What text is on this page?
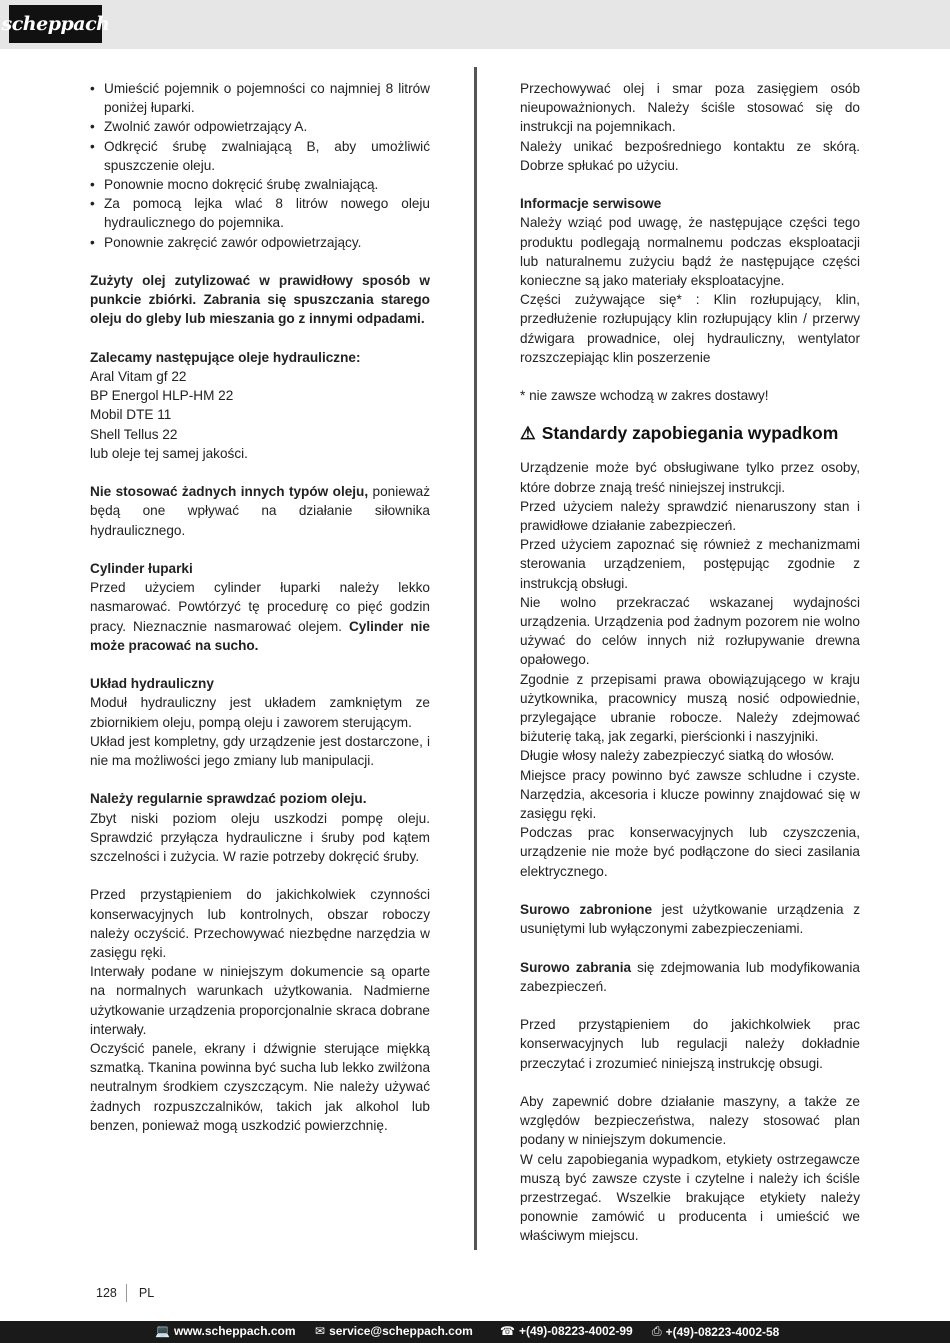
scheppach
• Umieścić pojemnik o pojemności co najmniej 8 litrów poniżej łuparki.
• Zwolnić zawór odpowietrzający A.
• Odkręcić śrubę zwalniającą B, aby umożliwić spuszczenie oleju.
• Ponownie mocno dokręcić śrubę zwalniającą.
• Za pomocą lejka wlać 8 litrów nowego oleju hydraulicznego do pojemnika.
• Ponownie zakręcić zawór odpowietrzający.

Zużyty olej zutylizować w prawidłowy sposób w punkcie zbiórki. Zabrania się spuszczania starego oleju do gleby lub mieszania go z innymi odpadami.

Zalecamy następujące oleje hydrauliczne:

Aral Vitam gf 22

BP Energol HLP-HM 22

Mobil DTE 11

Shell Tellus 22

lub oleje tej samej jakości.

Nie stosować żadnych innych typów oleju, ponieważ będą one wpływać na działanie siłownika hydraulicznego.

Cylinder łuparki

Przed użyciem cylinder łuparki należy lekko nasmarować. Powtórzyć tę procedurę co pięć godzin pracy. Nieznacznie nasmarować olejem. Cylinder nie może pracować na sucho.

Układ hydrauliczny

Moduł hydrauliczny jest układem zamkniętym ze zbiornikiem oleju, pompą oleju i zaworem sterującym.

Układ jest kompletny, gdy urządzenie jest dostarczone, i nie ma możliwości jego zmiany lub manipulacji.

Należy regularnie sprawdzać poziom oleju.

Zbyt niski poziom oleju uszkodzi pompę oleju. Sprawdzić przyłącza hydrauliczne i śruby pod kątem szczelności i zużycia. W razie potrzeby dokręcić śruby.

Przed przystąpieniem do jakichkolwiek czynności konserwacyjnych lub kontrolnych, obszar roboczy należy oczyścić. Przechowywać niezbędne narzędzia w zasięgu ręki.

Interwały podane w niniejszym dokumencie są oparte na normalnych warunkach użytkowania. Nadmierne użytkowanie urządzenia proporcjonalnie skraca dobrane interwały.

Oczyścić panele, ekrany i dźwignie sterujące miękką szmatką. Tkanina powinna być sucha lub lekko zwilżona neutralnym środkiem czyszczącym. Nie należy używać żadnych rozpuszczalników, takich jak alkohol lub benzen, ponieważ mogą uszkodzić powierzchnię.

Przechowywać olej i smar poza zasięgiem osób nieupoważnionych. Należy ściśle stosować się do instrukcji na pojemnikach.

Należy unikać bezpośredniego kontaktu ze skórą. Dobrze spłukać po użyciu.

Informacje serwisowe

Należy wziąć pod uwagę, że następujące części tego produktu podlegają normalnemu podczas eksploatacji lub naturalnemu zużyciu bądź że następujące części konieczne są jako materiały eksploatacyjne.

Części zużywające się* : Klin rozłupujący, klin, przedłużenie rozłupujący klin rozłupujący klin / przerwy dźwigara prowadnice, olej hydrauliczny, wentylator rozszczepiając klin poszerzenie

* nie zawsze wchodzą w zakres dostawy!

⚠ Standardy zapobiegania wypadkom

Urządzenie może być obsługiwane tylko przez osoby, które dobrze znają treść niniejszej instrukcji.

Przed użyciem należy sprawdzić nienaruszony stan i prawidłowe działanie zabezpieczeń.

Przed użyciem zapoznać się również z mechanizmami sterowania urządzeniem, postępując zgodnie z instrukcją obsługi.

Nie wolno przekraczać wskazanej wydajności urządzenia. Urządzenia pod żadnym pozorem nie wolno używać do celów innych niż rozłupywanie drewna opałowego.

Zgodnie z przepisami prawa obowiązującego w kraju użytkownika, pracownicy muszą nosić odpowiednie, przylegające ubranie robocze. Należy zdejmować biżuterię taką, jak zegarki, pierścionki i naszyjniki.

Długie włosy należy zabezpieczyć siatką do włosów.

Miejsce pracy powinno być zawsze schludne i czyste. Narzędzia, akcesoria i klucze powinny znajdować się w zasięgu ręki.

Podczas prac konserwacyjnych lub czyszczenia, urządzenie nie może być podłączone do sieci zasilania elektrycznego.

Surowo zabronione jest użytkowanie urządzenia z usuniętymi lub wyłączonymi zabezpieczeniami.

Surowo zabrania się zdejmowania lub modyfikowania zabezpieczeń.

Przed przystąpieniem do jakichkolwiek prac konserwacyjnych lub regulacji należy dokładnie przeczytać i zrozumieć niniejszą instrukcję obsugi.

Aby zapewnić dobre działanie maszyny, a także ze względów bezpieczeństwa, nalezy stosować plan podany w niniejszym dokumencie.

W celu zapobiegania wypadkom, etykiety ostrzegawcze muszą być zawsze czyste i czytelne i należy ich ściśle przestrzegać. Wszelkie brakujące etykiety należy ponownie zamówić u producenta i umieścić we właściwym miejscu.

128 PL
💻 www.scheppach.com ✉ service@scheppach.com ☎ +(49)-08223-4002-99 ⎙ +(49)-08223-4002-58
